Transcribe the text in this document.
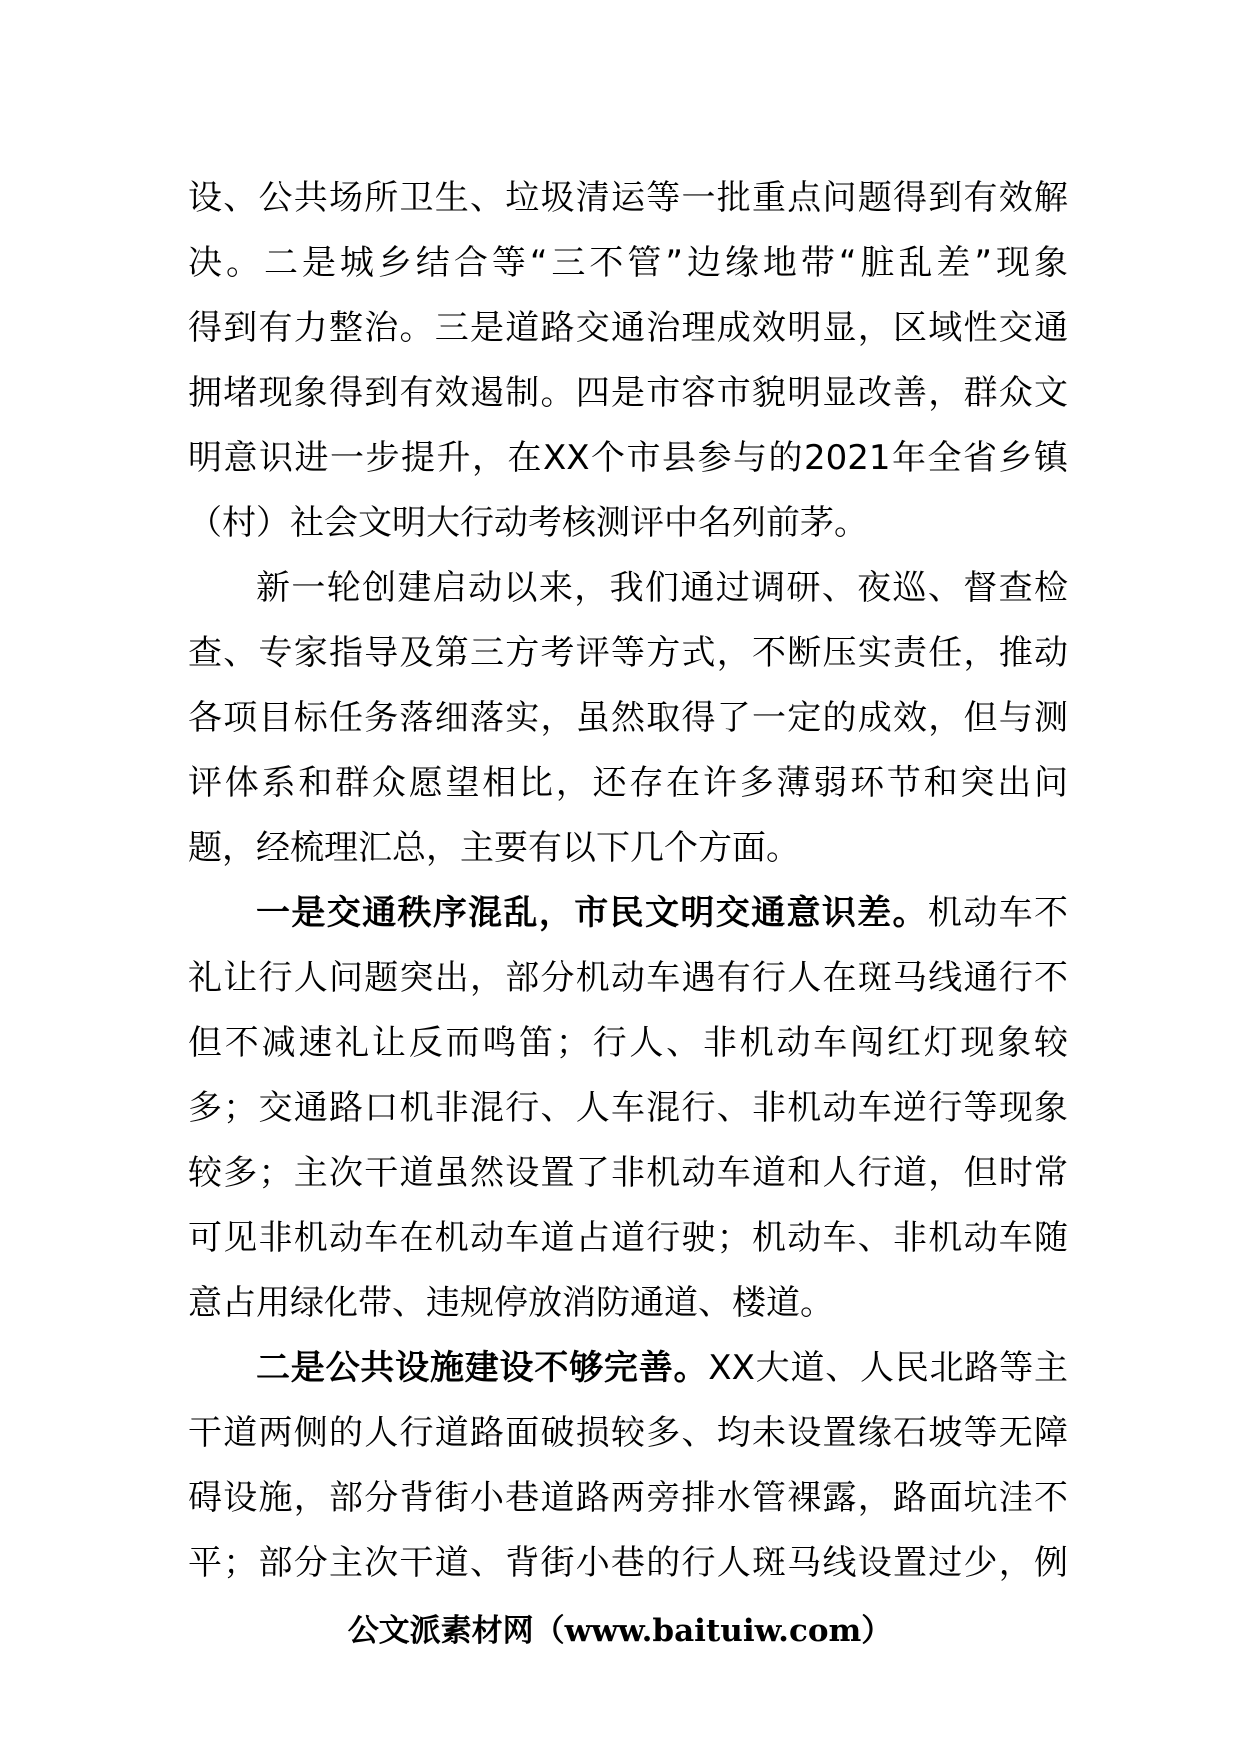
设、公共场所卫生、垃圾清运等一批重点问题得到有效解
决。二是城乡结合等“三不管”边缘地带“脏乱差”现象
得到有力整治。三是道路交通治理成效明显，区域性交通
拥堵现象得到有效遏制。四是市容市貌明显改善，群众文
明意识进一步提升，在XX个市县参与的2021年全省乡镇
（村）社会文明大行动考核测评中名列前茅。
新一轮创建启动以来，我们通过调研、夜巡、督查检
查、专家指导及第三方考评等方式，不断压实责任，推动
各项目标任务落细落实，虽然取得了一定的成效，但与测
评体系和群众愿望相比，还存在许多薄弱环节和突出问
题，经梳理汇总，主要有以下几个方面。
一是交通秩序混乱，市民文明交通意识差。机动车不
礼让行人问题突出，部分机动车遇有行人在斑马线通行不
但不减速礼让反而鸣笛；行人、非机动车闯红灯现象较
多；交通路口机非混行、人车混行、非机动车逆行等现象
较多；主次干道虽然设置了非机动车道和人行道，但时常
可见非机动车在机动车道占道行驶；机动车、非机动车随
意占用绿化带、违规停放消防通道、楼道。
二是公共设施建设不够完善。XX大道、人民北路等主
干道两侧的人行道路面破损较多、均未设置缘石坡等无障
碍设施，部分背街小巷道路两旁排水管裸露，路面坑洼不
平；部分主次干道、背街小巷的行人斑马线设置过少，例
公文派素材网（www.baituiw.com）
